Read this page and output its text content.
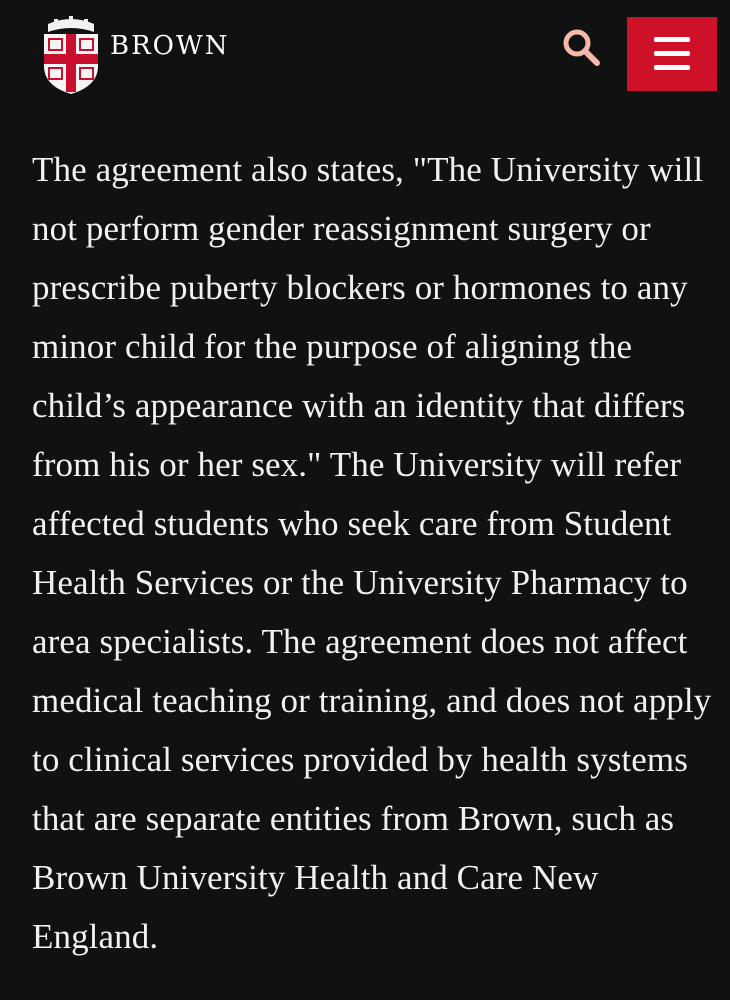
BROWN

The agreement also states, "The University will not perform gender reassignment surgery or prescribe puberty blockers or hormones to any minor child for the purpose of aligning the child’s appearance with an identity that differs from his or her sex." The University will refer affected students who seek care from Student Health Services or the University Pharmacy to area specialists. The agreement does not affect medical teaching or training, and does not apply to clinical services provided by health systems that are separate entities from Brown, such as Brown University Health and Care New England.
